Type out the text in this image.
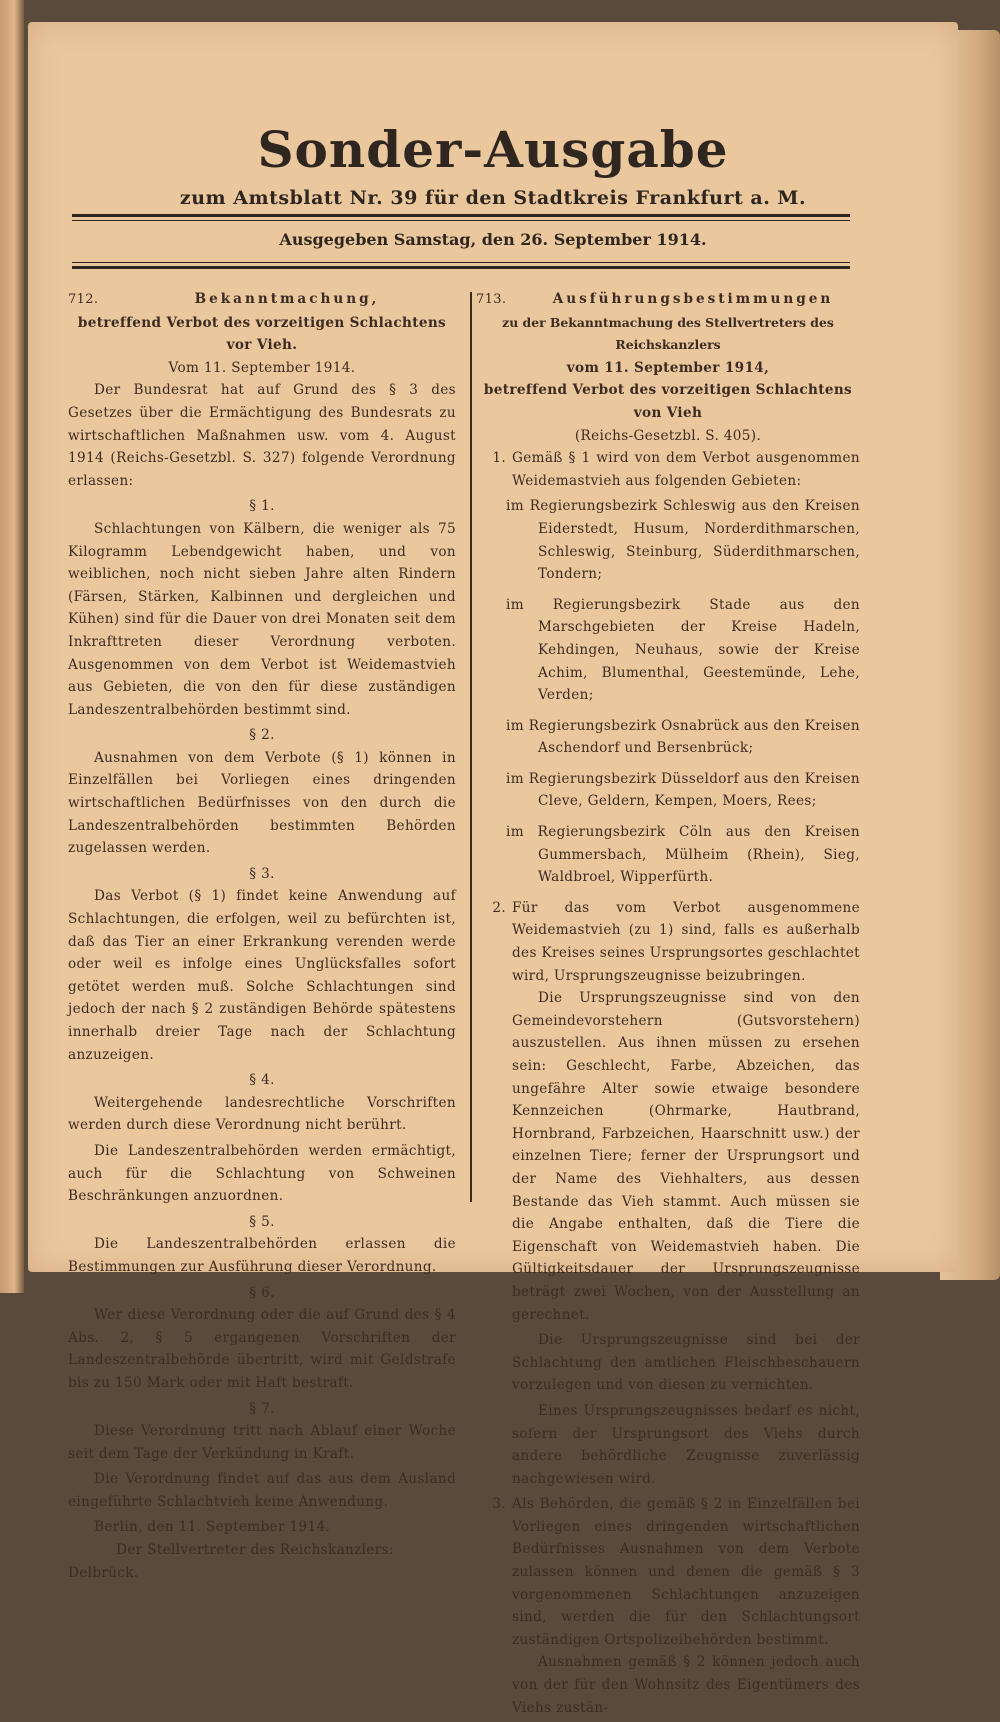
Sonder-Ausgabe
zum Amtsblatt Nr. 39 für den Stadtkreis Frankfurt a. M.
Ausgegeben Samstag, den 26. September 1914.
712.	Bekanntmachung,
betreffend Verbot des vorzeitigen Schlachtens vor Vieh.
Vom 11. September 1914.

Der Bundesrat hat auf Grund des § 3 des Gesetzes über die Ermächtigung des Bundesrats zu wirtschaftlichen Maßnahmen usw. vom 4. August 1914 (Reichs-Gesetzbl. S. 327) folgende Verordnung erlassen:

§ 1.

Schlachtungen von Kälbern, die weniger als 75 Kilogramm Lebendgewicht haben, und von weiblichen, noch nicht sieben Jahre alten Rindern (Färsen, Stärken, Kalbinnen und dergleichen und Kühen) sind für die Dauer von drei Monaten seit dem Inkrafttreten dieser Verordnung verboten. Ausgenommen von dem Verbot ist Weidemastvieh aus Gebieten, die von den für diese zuständigen Landeszentralbehörden bestimmt sind.

§ 2.

Ausnahmen von dem Verbote (§ 1) können in Einzelfällen bei Vorliegen eines dringenden wirtschaftlichen Bedürfnisses von den durch die Landeszentralbehörden bestimmten Behörden zugelassen werden.

§ 3.

Das Verbot (§ 1) findet keine Anwendung auf Schlachtungen, die erfolgen, weil zu befürchten ist, daß das Tier an einer Erkrankung verenden werde oder weil es infolge eines Unglücksfalles sofort getötet werden muß. Solche Schlachtungen sind jedoch der nach § 2 zuständigen Behörde spätestens innerhalb dreier Tage nach der Schlachtung anzuzeigen.

§ 4.

Weitergehende landesrechtliche Vorschriften werden durch diese Verordnung nicht berührt.

Die Landeszentralbehörden werden ermächtigt, auch für die Schlachtung von Schweinen Beschränkungen anzuordnen.

§ 5.

Die Landeszentralbehörden erlassen die Bestimmungen zur Ausführung dieser Verordnung.

§ 6.

Wer diese Verordnung oder die auf Grund des § 4 Abs. 2, § 5 ergangenen Vorschriften der Landeszentralbehörde übertritt, wird mit Geldstrafe bis zu 150 Mark oder mit Haft bestraft.

§ 7.

Diese Verordnung tritt nach Ablauf einer Woche seit dem Tage der Verkündung in Kraft.

Die Verordnung findet auf das aus dem Ausland eingeführte Schlachtvieh keine Anwendung.

Berlin, den 11. September 1914.
Der Stellvertreter des Reichskanzlers: Delbrück.
713.	Ausführungsbestimmungen
zu der Bekanntmachung des Stellvertreters des Reichskanzlers
vom 11. September 1914,
betreffend Verbot des vorzeitigen Schlachtens von Vieh
(Reichs-Gesetzbl. S. 405).
1. Gemäß § 1 wird von dem Verbot ausgenommen Weidemastvieh aus folgenden Gebieten:
im Regierungsbezirk Schleswig aus den Kreisen Eiderstedt, Husum, Norderdithmarschen, Schleswig, Steinburg, Süderdithmarschen, Tondern;
im Regierungsbezirk Stade aus den Marschgebieten der Kreise Hadeln, Kehdingen, Neuhaus, sowie der Kreise Achim, Blumenthal, Geestemünde, Lehe, Verden;
im Regierungsbezirk Osnabrück aus den Kreisen Aschendorf und Bersenbrück;
im Regierungsbezirk Düsseldorf aus den Kreisen Cleve, Geldern, Kempen, Moers, Rees;
im Regierungsbezirk Cöln aus den Kreisen Gummersbach, Mülheim (Rhein), Sieg, Waldbroel, Wipperfürth.
2. Für das vom Verbot ausgenommene Weidemastvieh (zu 1) sind, falls es außerhalb des Kreises seines Ursprungsortes geschlachtet wird, Ursprungszeugnisse beizubringen.

Die Ursprungszeugnisse sind von den Gemeindevorstehern (Gutsvorstehern) auszustellen. Aus ihnen müssen zu ersehen sein: Geschlecht, Farbe, Abzeichen, das ungefähre Alter sowie etwaige besondere Kennzeichen (Ohrmarke, Hautbrand, Hornbrand, Farbzeichen, Haarschnitt usw.) der einzelnen Tiere; ferner der Ursprungsort und der Name des Viehhalters, aus dessen Bestande das Vieh stammt. Auch müssen sie die Angabe enthalten, daß die Tiere die Eigenschaft von Weidemastvieh haben. Die Gültigkeitsdauer der Ursprungszeugnisse beträgt zwei Wochen, von der Ausstellung an gerechnet.

Die Ursprungszeugnisse sind bei der Schlachtung den amtlichen Fleischbeschauern vorzulegen und von diesen zu vernichten.

Eines Ursprungszeugnisses bedarf es nicht, sofern der Ursprungsort des Viehs durch andere behördliche Zeugnisse zuverlässig nachgewiesen wird.

3. Als Behörden, die gemäß § 2 in Einzelfällen bei Vorliegen eines dringenden wirtschaftlichen Bedürfnisses Ausnahmen von dem Verbote zulassen können und denen die gemäß § 3 vorgenommenen Schlachtungen anzuzeigen sind, werden die für den Schlachtungsort zuständigen Ortspolizeibehörden bestimmt.

Ausnahmen gemäß § 2 können jedoch auch von der für den Wohnsitz des Eigentümers des Viehs zustän-
